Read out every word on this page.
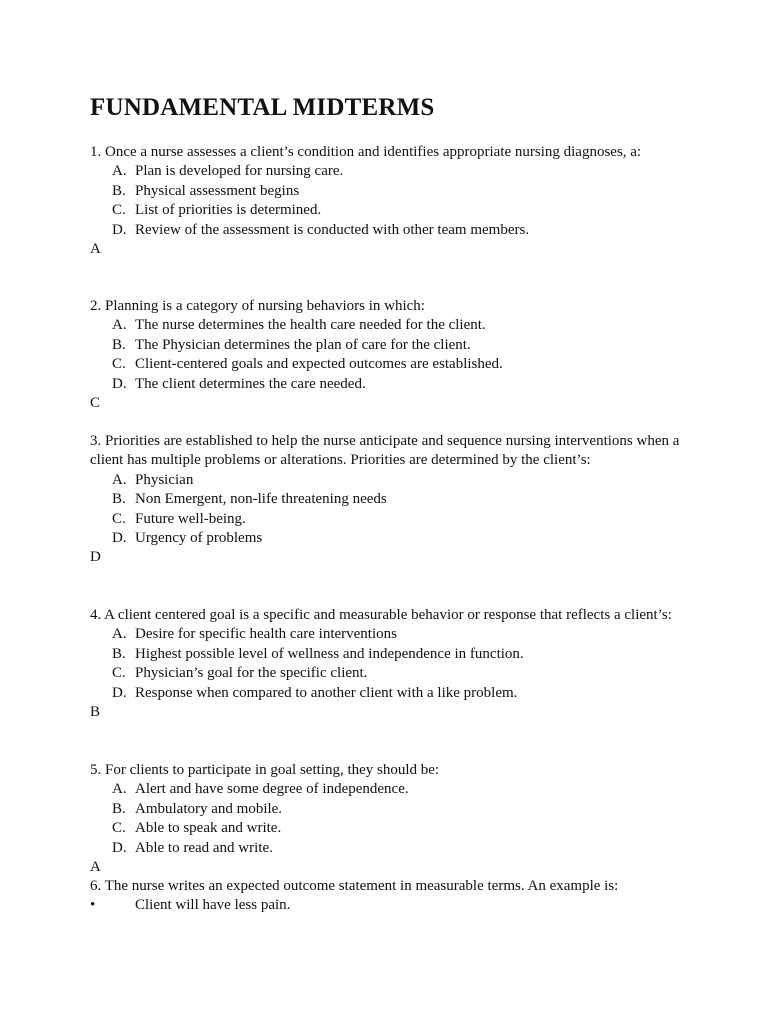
FUNDAMENTAL MIDTERMS

1. Once a nurse assesses a client’s condition and identifies appropriate nursing diagnoses, a:

A. Plan is developed for nursing care.
B. Physical assessment begins
C. List of priorities is determined.
D. Review of the assessment is conducted with other team members.

A

2. Planning is a category of nursing behaviors in which:

A. The nurse determines the health care needed for the client.
B. The Physician determines the plan of care for the client.
C. Client-centered goals and expected outcomes are established.
D. The client determines the care needed.

C

3. Priorities are established to help the nurse anticipate and sequence nursing interventions when a client has multiple problems or alterations. Priorities are determined by the client’s:

A. Physician
B. Non Emergent, non-life threatening needs
C. Future well-being.
D. Urgency of problems

D

4. A client centered goal is a specific and measurable behavior or response that reflects a client’s:

A. Desire for specific health care interventions
B. Highest possible level of wellness and independence in function.
C. Physician’s goal for the specific client.
D. Response when compared to another client with a like problem.

B

5. For clients to participate in goal setting, they should be:

A. Alert and have some degree of independence.
B. Ambulatory and mobile.
C. Able to speak and write.
D. Able to read and write.

A

6. The nurse writes an expected outcome statement in measurable terms. An example is:

•	Client will have less pain.
